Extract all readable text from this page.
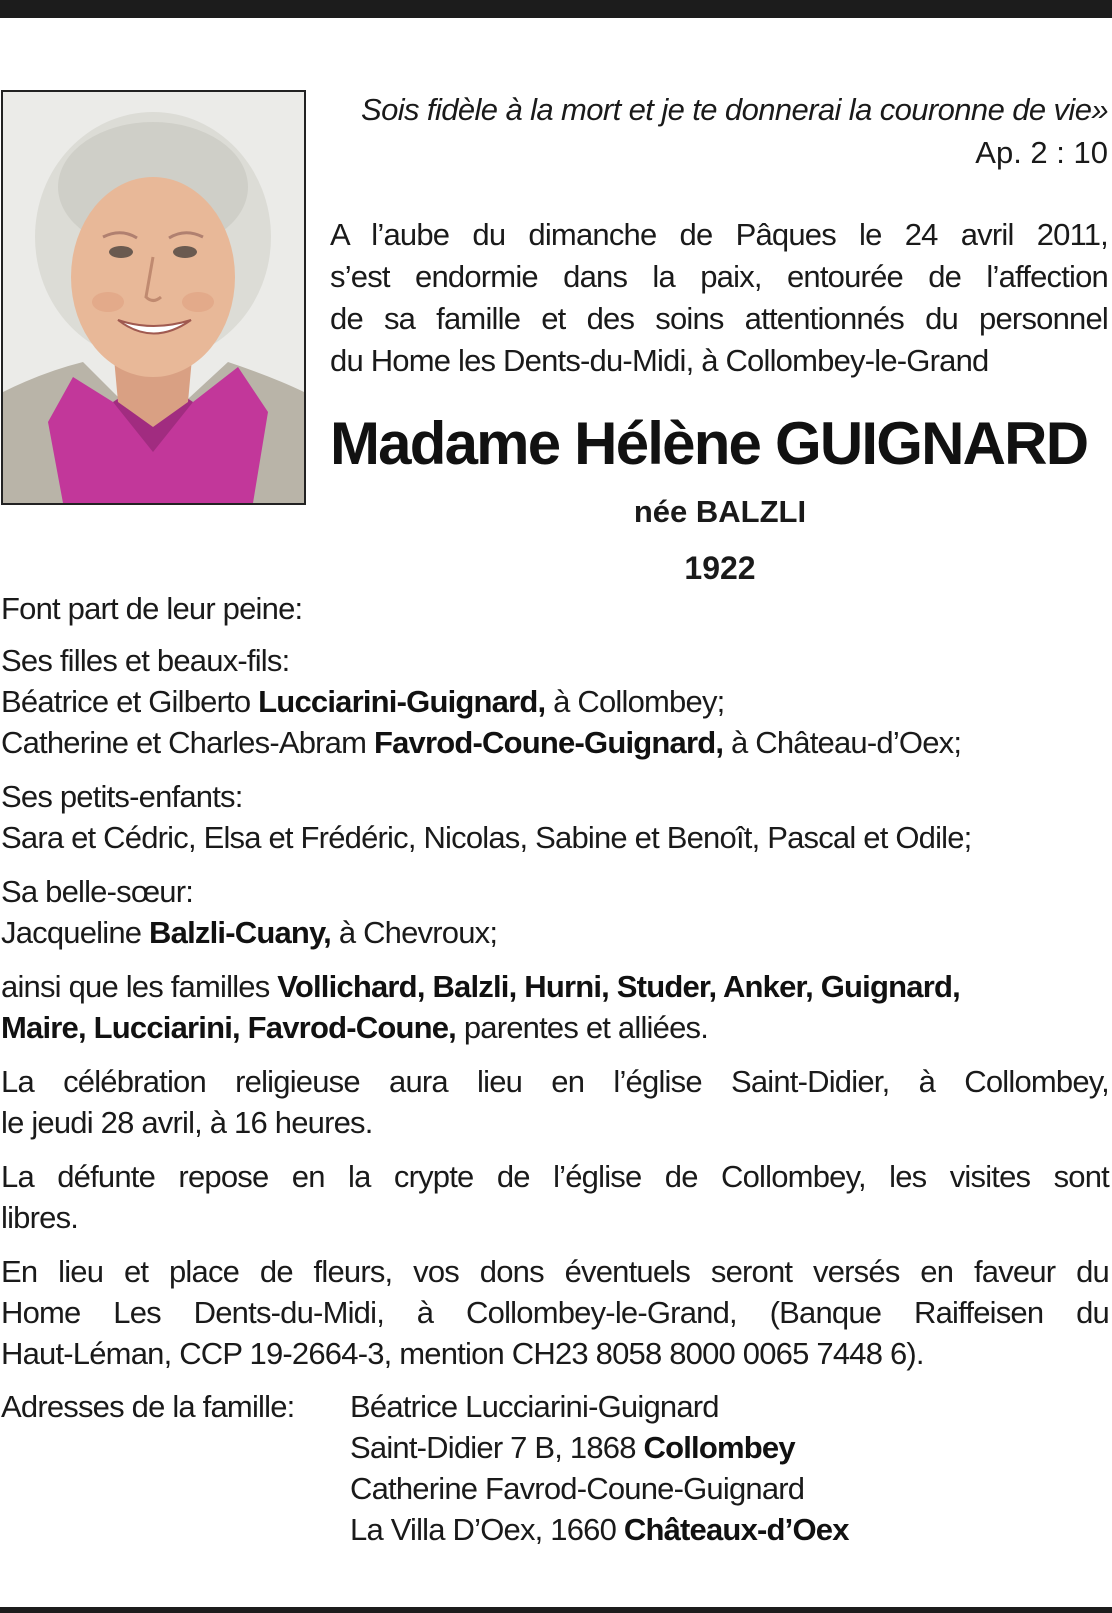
Sois fidèle à la mort et je te donnerai la couronne de vie»
Ap. 2 : 10
A l’aube du dimanche de Pâques le 24 avril 2011,
s’est endormie dans la paix, entourée de l’affection
de sa famille et des soins attentionnés du personnel
du Home les Dents-du-Midi, à Collombey-le-Grand
Madame Hélène GUIGNARD
née BALZLI
1922
Font part de leur peine:
Ses filles et beaux-fils:
Béatrice et Gilberto Lucciarini-Guignard, à Collombey;
Catherine et Charles-Abram Favrod-Coune-Guignard, à Château-d’Oex;
Ses petits-enfants:
Sara et Cédric, Elsa et Frédéric, Nicolas, Sabine et Benoît, Pascal et Odile;
Sa belle-sœur:
Jacqueline Balzli-Cuany, à Chevroux;
ainsi que les familles Vollichard, Balzli, Hurni, Studer, Anker, Guignard,
Maire, Lucciarini, Favrod-Coune, parentes et alliées.
La célébration religieuse aura lieu en l’église Saint-Didier, à Collombey,
le jeudi 28 avril, à 16 heures.
La défunte repose en la crypte de l’église de Collombey, les visites sont
libres.
En lieu et place de fleurs, vos dons éventuels seront versés en faveur du
Home Les Dents-du-Midi, à Collombey-le-Grand, (Banque Raiffeisen du
Haut-Léman, CCP 19-2664-3, mention CH23 8058 8000 0065 7448 6).
Adresses de la famille: Béatrice Lucciarini-Guignard
Saint-Didier 7 B, 1868 Collombey
Catherine Favrod-Coune-Guignard
La Villa D’Oex, 1660 Châteaux-d’Oex
